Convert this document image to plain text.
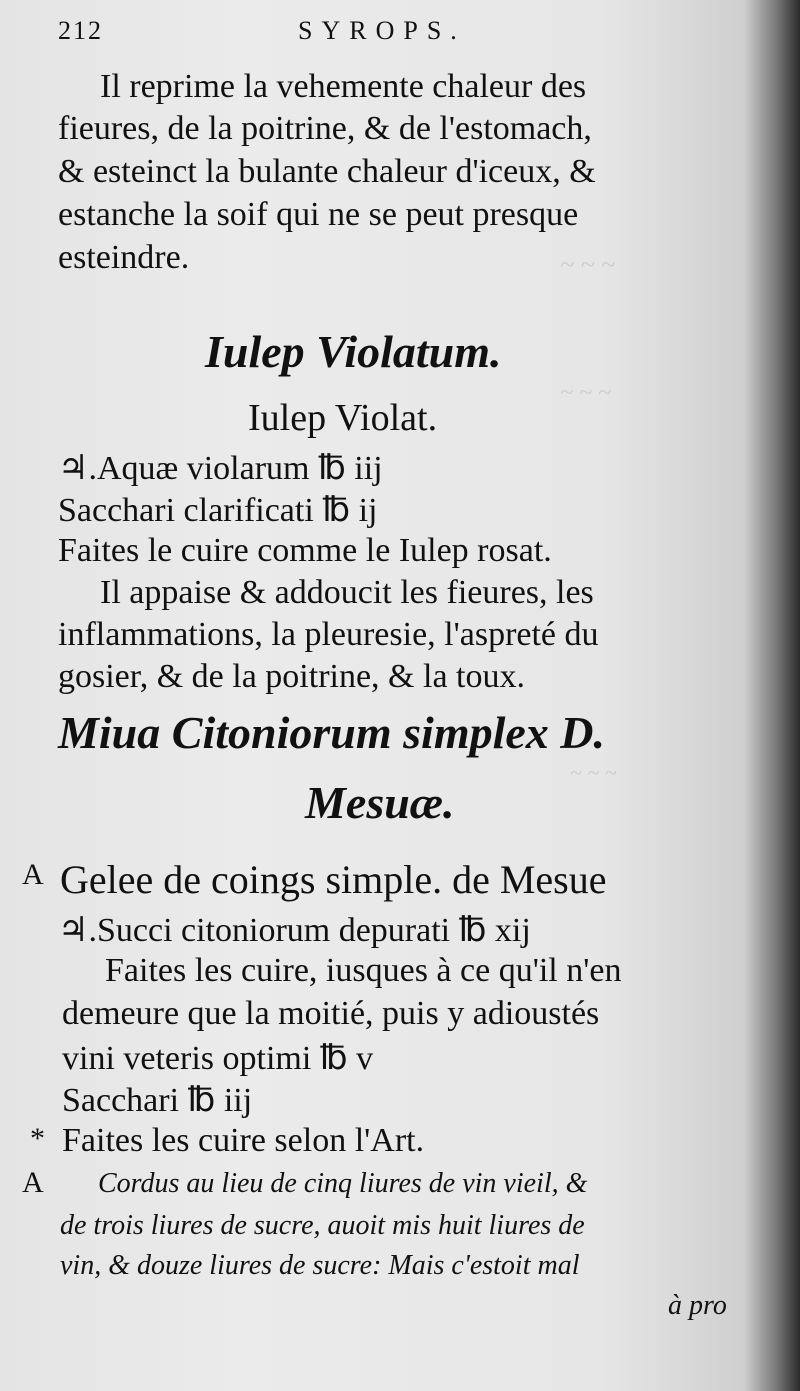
~ ~ ~
~ ~ ~
~ ~ ~
212	SYROPS.
Il reprime la vehemente chaleur des
fieures, de la poitrine, & de l'estomach,
& esteinct la bulante chaleur d'iceux, &
estanche la soif qui ne se peut presque
esteindre.
Iulep Violatum.
Iulep Violat.
♃.Aquæ violarum ℔ iij
Sacchari clarificati ℔ ij
Faites le cuire comme le Iulep rosat.
Il appaise & addoucit les fieures, les
inflammations, la pleuresie, l'aspreté du
gosier, & de la poitrine, & la toux.
Miua Citoniorum simplex D.
Mesuæ.
A Gelee de coings simple. de Mesue
♃.Succi citoniorum depurati ℔ xij
Faites les cuire, iusques à ce qu'il n'en
demeure que la moitié, puis y adioustés
vini veteris optimi ℔ v
Sacchari ℔ iij
* Faites les cuire selon l'Art.
A Cordus au lieu de cinq liures de vin vieil, &
de trois liures de sucre, auoit mis huit liures de
vin, & douze liures de sucre: Mais c'estoit mal
à pro
